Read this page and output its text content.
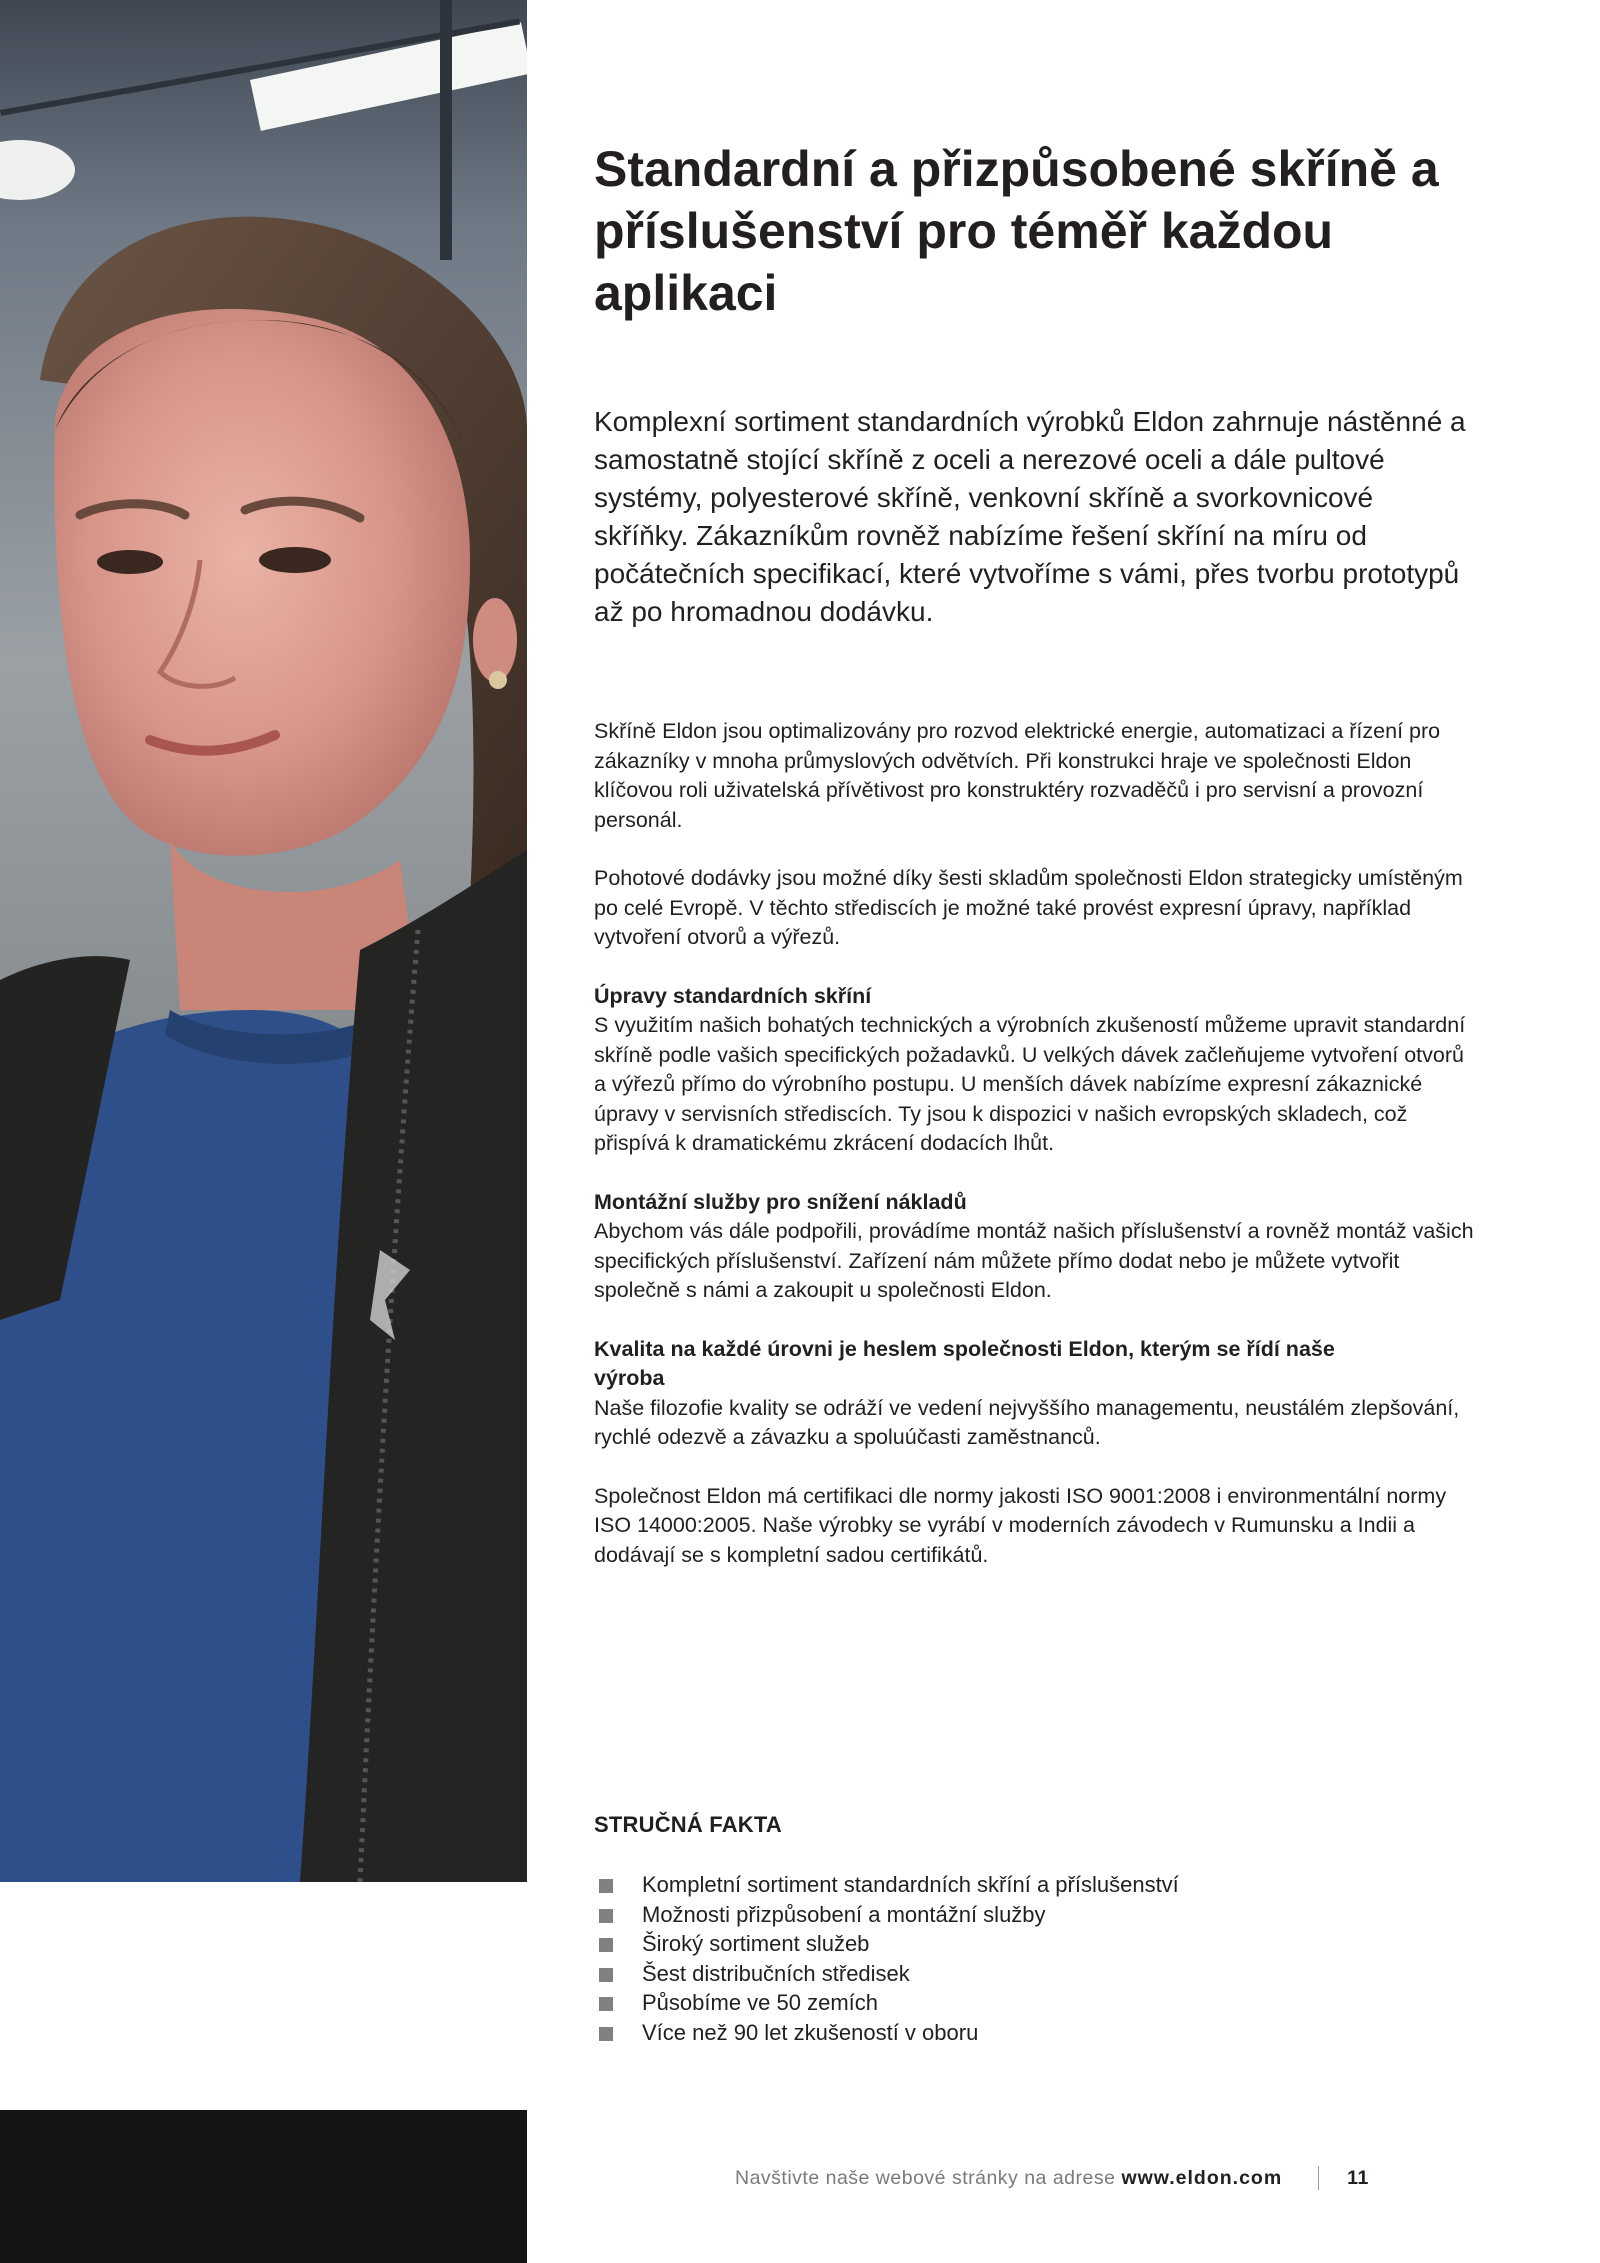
Standardní a přizpůsobené skříně a příslušenství pro téměř každou aplikaci

Komplexní sortiment standardních výrobků Eldon zahrnuje nástěnné a samostatně stojící skříně z oceli a nerezové oceli a dále pultové systémy, polyesterové skříně, venkovní skříně a svorkovnicové skříňky. Zákazníkům rovněž nabízíme řešení skříní na míru od počátečních specifikací, které vytvoříme s vámi, přes tvorbu prototypů až po hromadnou dodávku.

Skříně Eldon jsou optimalizovány pro rozvod elektrické energie, automatizaci a řízení pro zákazníky v mnoha průmyslových odvětvích. Při konstrukci hraje ve společnosti Eldon klíčovou roli uživatelská přívětivost pro konstruktéry rozvaděčů i pro servisní a provozní personál.

Pohotové dodávky jsou možné díky šesti skladům společnosti Eldon strategicky umístěným po celé Evropě. V těchto střediscích je možné také provést expresní úpravy, například vytvoření otvorů a výřezů.

Úpravy standardních skříní
S využitím našich bohatých technických a výrobních zkušeností můžeme upravit standardní skříně podle vašich specifických požadavků. U velkých dávek začleňujeme vytvoření otvorů a výřezů přímo do výrobního postupu. U menších dávek nabízíme expresní zákaznické úpravy v servisních střediscích. Ty jsou k dispozici v našich evropských skladech, což přispívá k dramatickému zkrácení dodacích lhůt.
Montážní služby pro snížení nákladů
Abychom vás dále podpořili, provádíme montáž našich příslušenství a rovněž montáž vašich specifických příslušenství. Zařízení nám můžete přímo dodat nebo je můžete vytvořit společně s námi a zakoupit u společnosti Eldon.
Kvalita na každé úrovni je heslem společnosti Eldon, kterým se řídí naše výroba
Naše filozofie kvality se odráží ve vedení nejvyššího managementu, neustálém zlepšování, rychlé odezvě a závazku a spoluúčasti zaměstnanců.

Společnost Eldon má certifikaci dle normy jakosti ISO 9001:2008 i environmentální normy ISO 14000:2005. Naše výrobky se vyrábí v moderních závodech v Rumunsku a Indii a dodávají se s kompletní sadou certifikátů.

STRUČNÁ FAKTA
Kompletní sortiment standardních skříní a příslušenství
Možnosti přizpůsobení a montážní služby
Široký sortiment služeb
Šest distribučních středisek
Působíme ve 50 zemích
Více než 90 let zkušeností v oboru
Navštivte naše webové stránky na adrese www.eldon.com	11
